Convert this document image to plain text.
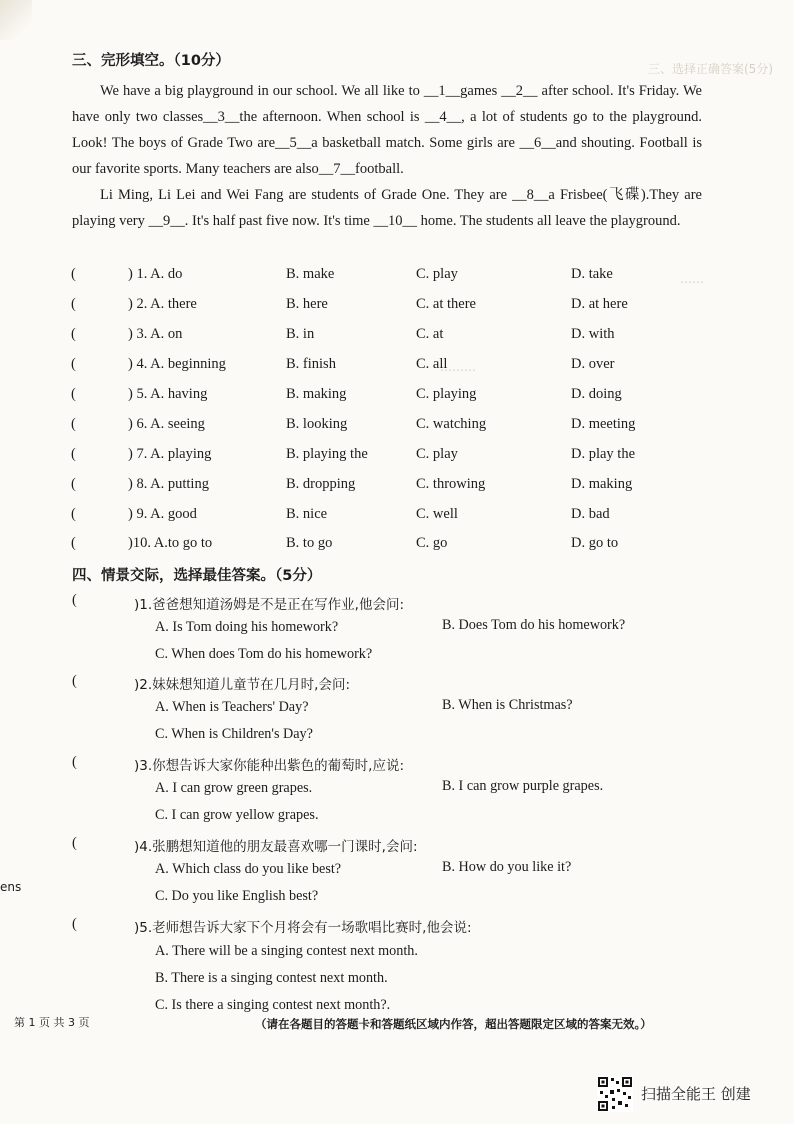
三、选择正确答案(5分)
……
………
三、完形填空。（10分）

We have a big playground in our school. We all like to __1__games __2__ after school. It's Friday. We have only two classes__3__the afternoon. When school is __4__, a lot of students go to the playground. Look! The boys of Grade Two are__5__a basketball match. Some girls are __6__and shouting. Football is our favorite sports. Many teachers are also__7__football.

Li Ming, Li Lei and Wei Fang are students of Grade One. They are __8__a Frisbee(飞碟).They are playing very __9__. It's half past five now. It's time __10__ home. The students all leave the playground.

(	) 1. A. do	B. make	C. play	D. take
(	) 2. A. there	B. here	C. at there	D. at here
(	) 3. A. on	B. in	C. at	D. with
(	) 4. A. beginning	B. finish	C. all	D. over
(	) 5. A. having	B. making	C. playing	D. doing
(	) 6. A. seeing	B. looking	C. watching	D. meeting
(	) 7. A. playing	B. playing the	C. play	D. play the
(	) 8. A. putting	B. dropping	C. throwing	D. making
(	) 9. A. good	B. nice	C. well	D. bad
(	)10. A.to go to	B. to go	C. go	D. go to
四、情景交际，选择最佳答案。（5分）
(	)1.爸爸想知道汤姆是不是正在写作业,他会问:
A. Is Tom doing his homework?	B. Does Tom do his homework?
C. When does Tom do his homework?
(	)2.妹妹想知道儿童节在几月时,会问:
A. When is Teachers' Day?	B. When is Christmas?
C. When is Children's Day?
(	)3.你想告诉大家你能种出紫色的葡萄时,应说:
A. I can grow green grapes.	B. I can grow purple grapes.
C. I can grow yellow grapes.
(	)4.张鹏想知道他的朋友最喜欢哪一门课时,会问:
A. Which class do you like best?	B. How do you like it?
C. Do you like English best?
(	)5.老师想告诉大家下个月将会有一场歌唱比赛时,他会说:
A. There will be a singing contest next month.
B. There is a singing contest next month.
C. Is there a singing contest next month?.
ens
第 1 页 共 3 页	（请在各题目的答题卡和答题纸区域内作答，超出答题限定区域的答案无效。）
扫描全能王 创建
